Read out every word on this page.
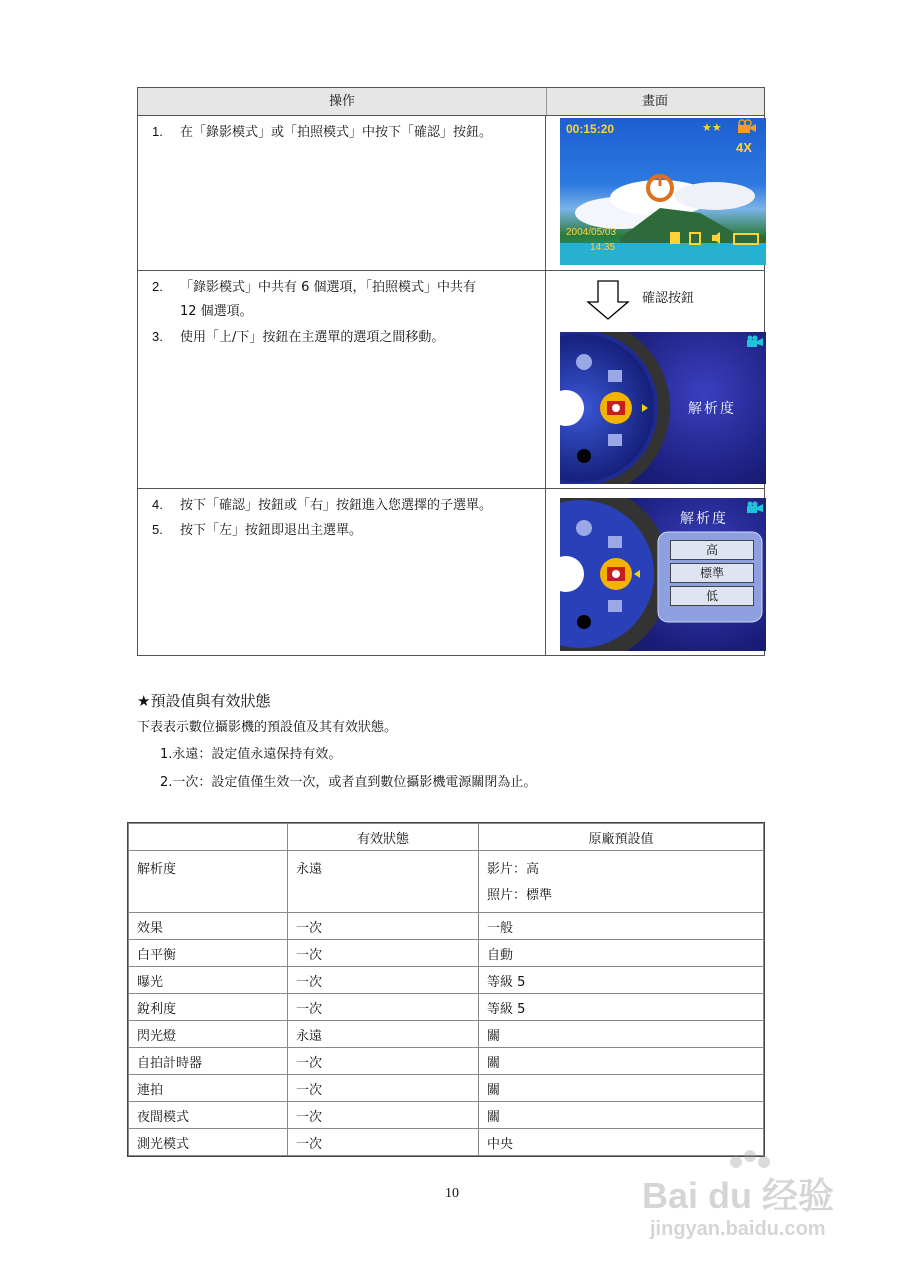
操作	畫面
1. 在「錄影模式」或「拍照模式」中按下「確認」按鈕。	00:15:20	★★
4X
2004/05/03
14:35
2. 「錄影模式」中共有 6 個選項，「拍照模式」中共有
12 個選項。
3. 使用「上/下」按鈕在主選單的選項之間移動。
確認按鈕
解析度
4. 按下「確認」按鈕或「右」按鈕進入您選擇的子選單。
5. 按下「左」按鈕即退出主選單。
解析度
高
標準
低
★預設值與有效狀態
下表表示數位攝影機的預設值及其有效狀態。
1.永遠：設定值永遠保持有效。
2.一次：設定值僅生效一次，或者直到數位攝影機電源關閉為止。
	有效狀態	原廠預設值
解析度	永遠	影片：高
照片：標準

效果	一次	一般
白平衡	一次	自動
曝光	一次	等級 5
銳利度	一次	等級 5
閃光燈	永遠	關
自拍計時器	一次	關
連拍	一次	關
夜間模式	一次	關
測光模式	一次	中央
10	Bai du 经验
jingyan.baidu.com
